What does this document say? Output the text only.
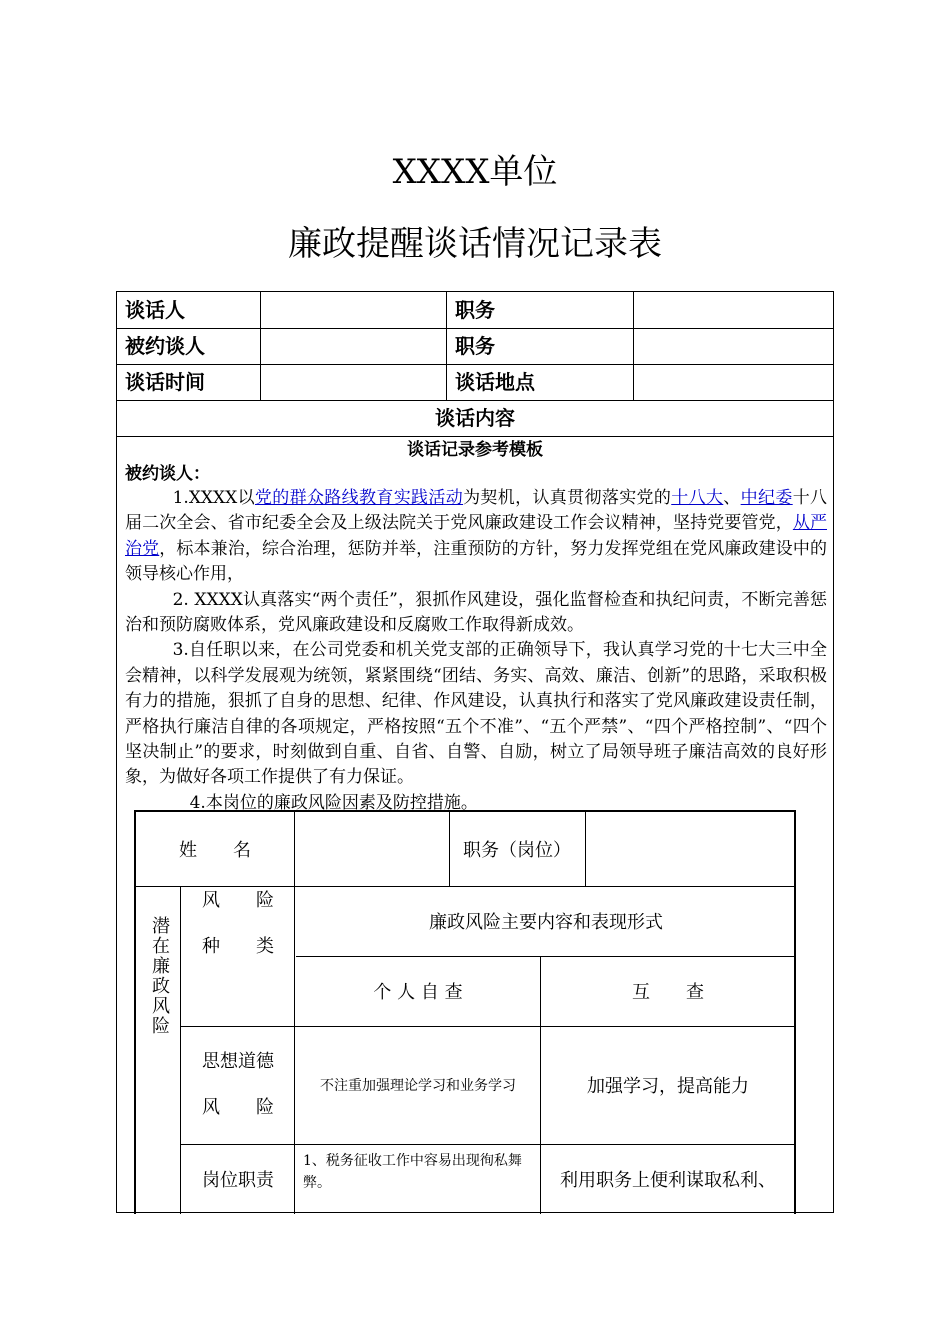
XXXX单位
廉政提醒谈话情况记录表
谈话人	职务
被约谈人	职务
谈话时间	谈话地点
谈话内容
谈话记录参考模板
被约谈人：

1.XXXX以党的群众路线教育实践活动为契机，认真贯彻落实党的十八大、中纪委十八届二次全会、省市纪委全会及上级法院关于党风廉政建设工作会议精神，坚持党要管党，从严治党，标本兼治，综合治理，惩防并举，注重预防的方针，努力发挥党组在党风廉政建设中的领导核心作用，

2. XXXX认真落实“两个责任”，狠抓作风建设，强化监督检查和执纪问责，不断完善惩治和预防腐败体系，党风廉政建设和反腐败工作取得新成效。

3.自任职以来，在公司党委和机关党支部的正确领导下，我认真学习党的十七大三中全会精神，以科学发展观为统领，紧紧围绕“团结、务实、高效、廉洁、创新”的思路，采取积极有力的措施，狠抓了自身的思想、纪律、作风建设，认真执行和落实了党风廉政建设责任制，严格执行廉洁自律的各项规定，严格按照“五个不准”、“五个严禁”、“四个严格控制”、“四个坚决制止”的要求，时刻做到自重、自省、自警、自励，树立了局领导班子廉洁高效的良好形象，为做好各项工作提供了有力保证。

4.本岗位的廉政风险因素及防控措施。

姓　　名	职务（岗位）
潜在廉政风险
风　　险
种　　类
廉政风险主要内容和表现形式
个 人 自 查	互　　查
思想道德
风　　险
不注重加强理论学习和业务学习	加强学习，提高能力
岗位职责
1、税务征收工作中容易出现徇私舞弊。	利用职务上便利谋取私利、
